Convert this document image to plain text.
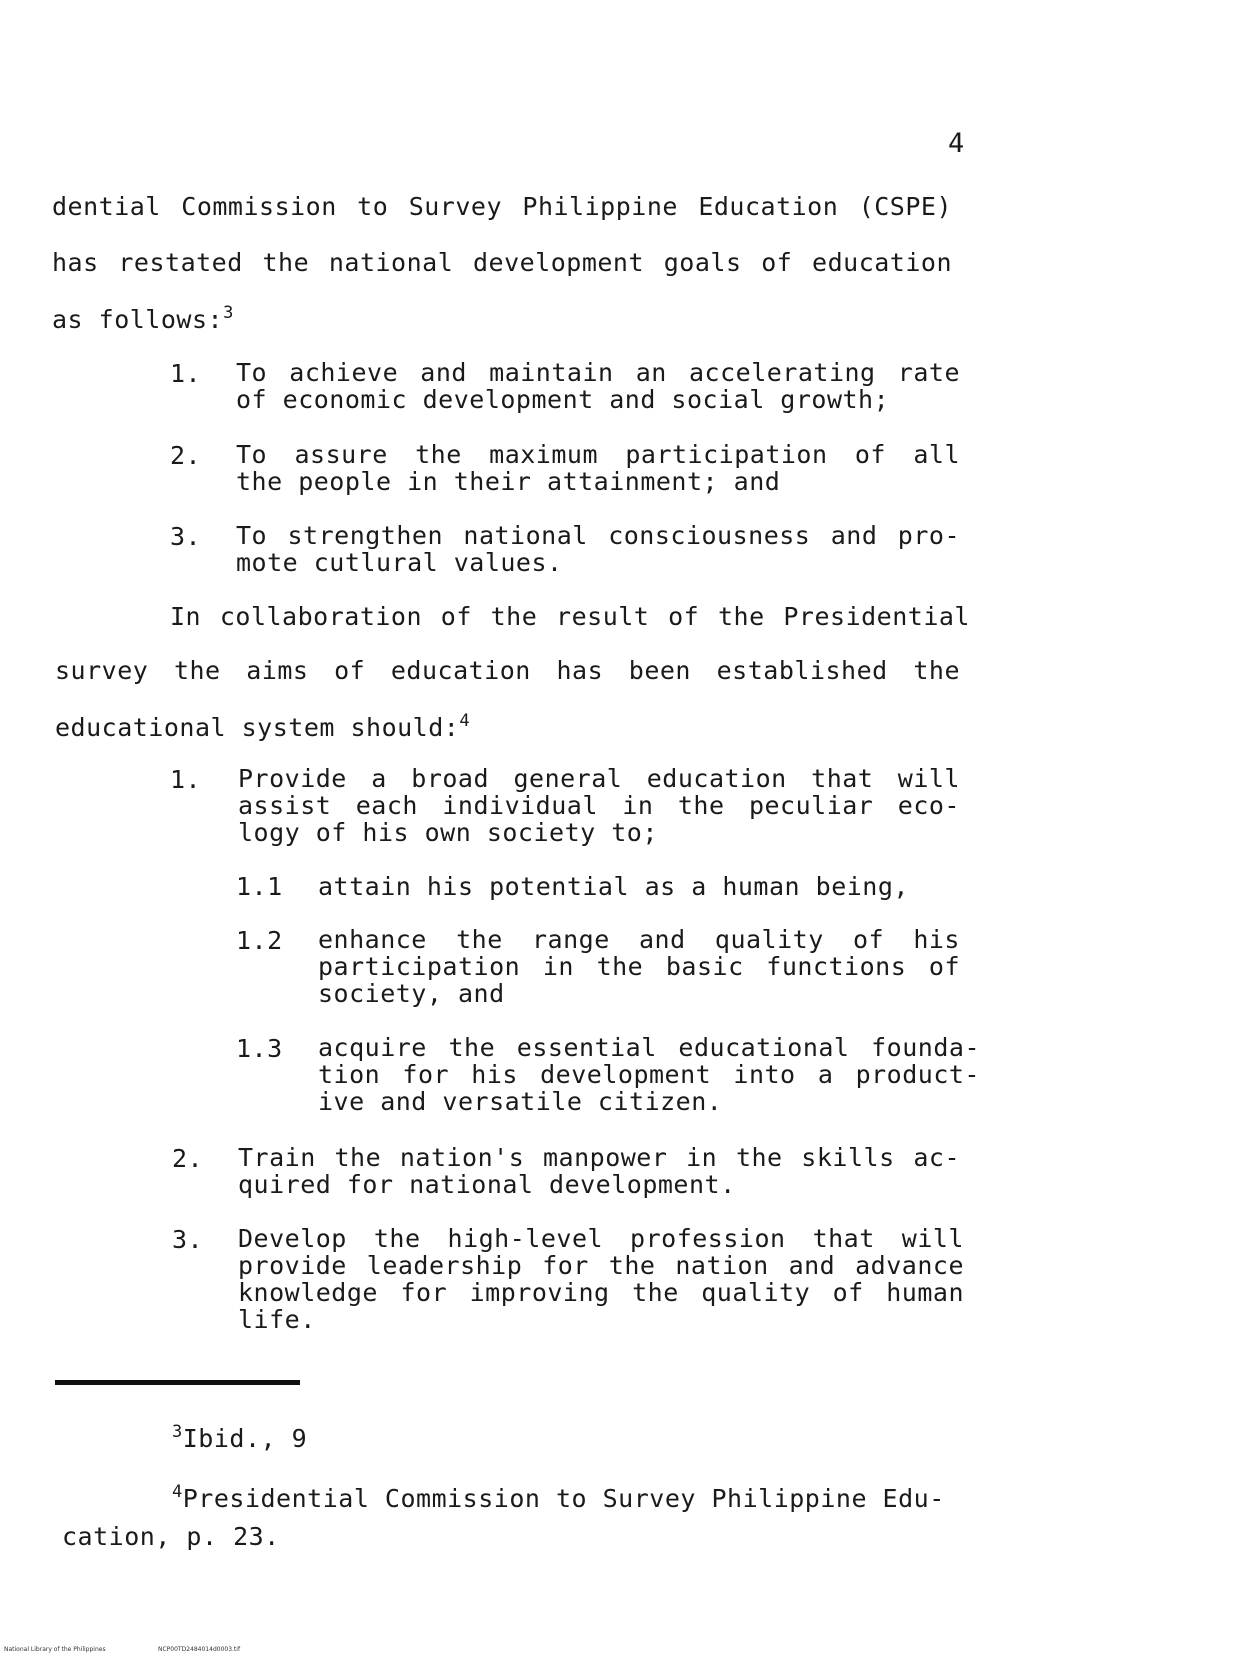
4
dential Commission to Survey Philippine Education (CSPE)
has restated the national development goals of education
as follows:$^3$
1. To achieve and maintain an accelerating rate
of economic development and social growth;
2. To assure the maximum participation of all
the people in their attainment; and
3. To strengthen national consciousness and pro-
mote cutlural values.
In collaboration of the result of the Presidential
survey the aims of education has been established the
educational system should:$^4$
1. Provide a broad general education that will
assist each individual in the peculiar eco-
logy of his own society to;
1.1 attain his potential as a human being,
1.2 enhance the range and quality of his
participation in the basic functions of
society, and
1.3 acquire the essential educational founda-
tion for his development into a product-
ive and versatile citizen.
2. Train the nation's manpower in the skills ac-
quired for national development.
3. Develop the high-level profession that will
provide leadership for the nation and advance
knowledge for improving the quality of human
life.
$^3$Ibid., 9
$^4$Presidential Commission to Survey Philippine Edu-
cation, p. 23.
National Library of the Philippines	NCP00TD2484014d0003.tif
